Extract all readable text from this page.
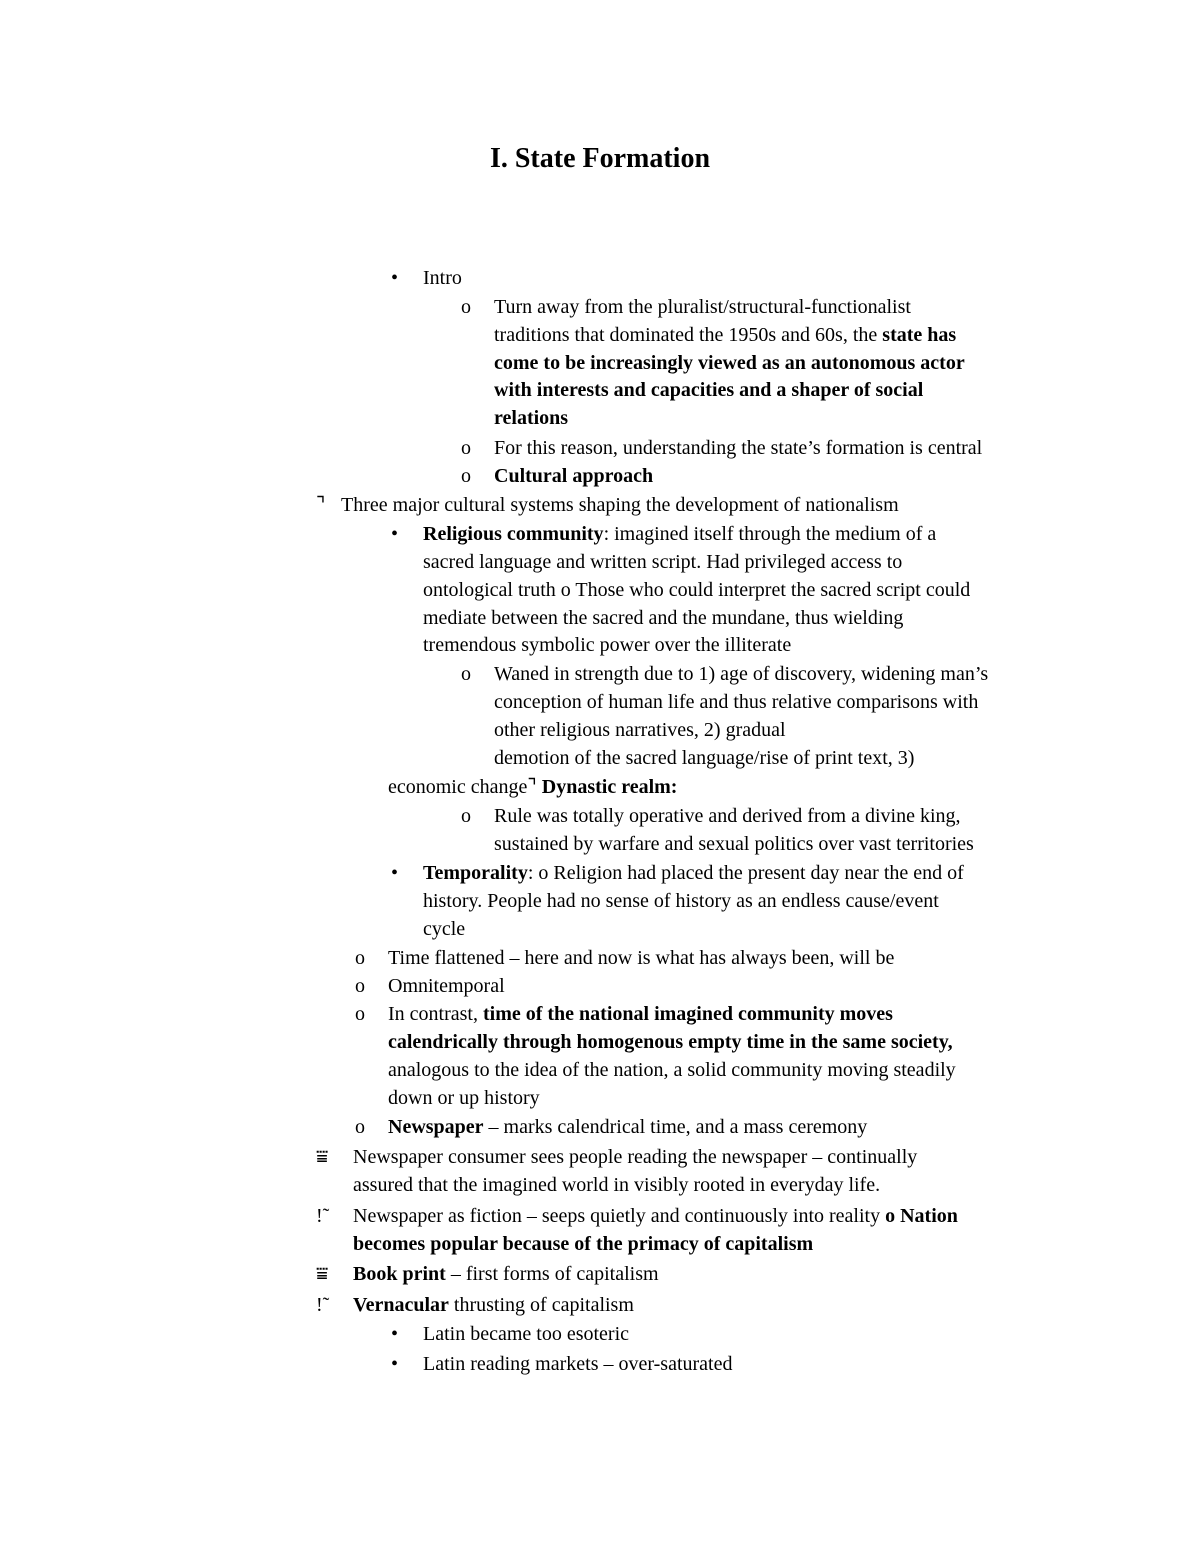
I. State Formation
• Intro
o Turn away from the pluralist/structural-functionalist
traditions that dominated the 1950s and 60s, the state has
come to be increasingly viewed as an autonomous actor
with interests and capacities and a shaper of social
relations
o For this reason, understanding the state’s formation is central
o Cultural approach
⌝ Three major cultural systems shaping the development of nationalism
• Religious community: imagined itself through the medium of a
sacred language and written script. Had privileged access to
ontological truth o Those who could interpret the sacred script could
mediate between the sacred and the mundane, thus wielding
tremendous symbolic power over the illiterate
o Waned in strength due to 1) age of discovery, widening man’s
conception of human life and thus relative comparisons with
other religious narratives, 2) gradual
demotion of the sacred language/rise of print text, 3)
economic change⌝ Dynastic realm:
o Rule was totally operative and derived from a divine king,
sustained by warfare and sexual politics over vast territories
• Temporality: o Religion had placed the present day near the end of
history. People had no sense of history as an endless cause/event
cycle
o Time flattened – here and now is what has always been, will be
o Omnitemporal
o In contrast, time of the national imagined community moves
calendrically through homogenous empty time in the same society,
analogous to the idea of the nation, a solid community moving steadily
down or up history
o Newspaper – marks calendrical time, and a mass ceremony
⩸ Newspaper consumer sees people reading the newspaper – continually
assured that the imagined world in visibly rooted in everyday life.
!̃ Newspaper as fiction – seeps quietly and continuously into reality o Nation
becomes popular because of the primacy of capitalism
⩸ Book print – first forms of capitalism
!̃ Vernacular thrusting of capitalism
• Latin became too esoteric
• Latin reading markets – over-saturated
